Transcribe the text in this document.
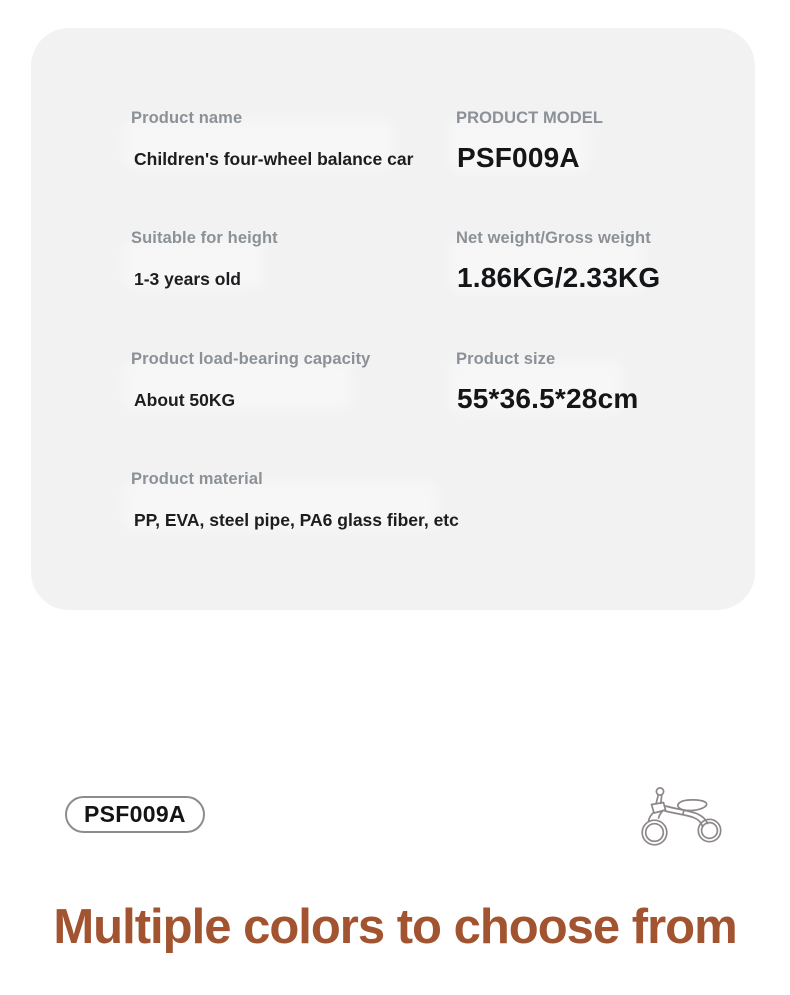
Product name
Children's four-wheel balance car
PRODUCT MODEL
PSF009A
Suitable for height
1-3 years old
Net weight/Gross weight
1.86KG/2.33KG
Product load-bearing capacity
About 50KG
Product size
55*36.5*28cm
Product material
PP, EVA, steel pipe, PA6 glass fiber, etc
PSF009A
Multiple colors to choose from
